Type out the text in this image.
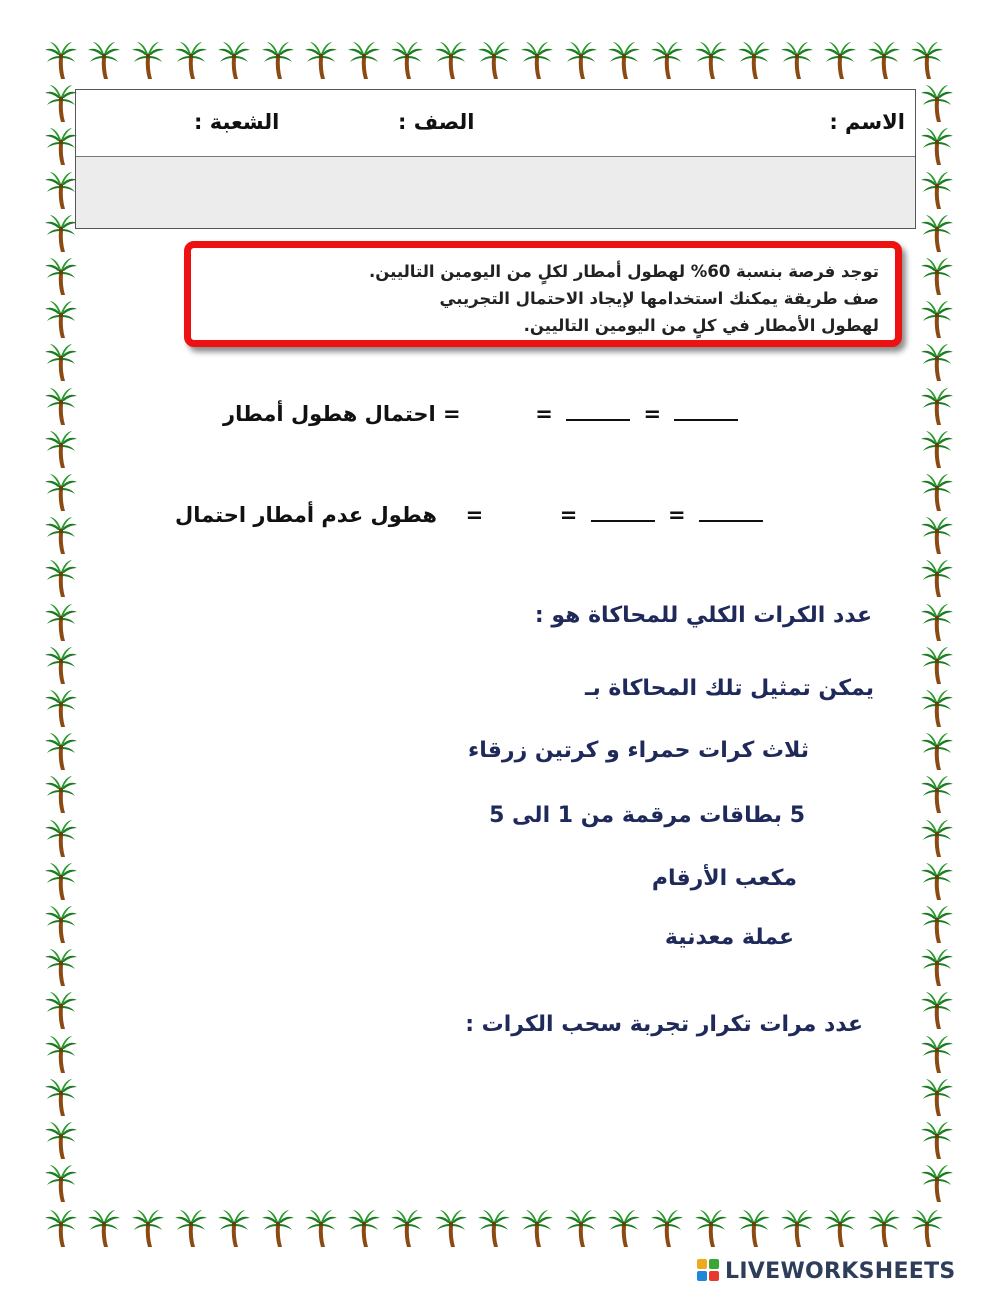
الاسم :
الصف :
الشعبة :
توجد فرصة بنسبة 60% لهطول أمطار لكلٍ من اليومين التاليين.
صف طريقة يمكنك استخدامها لإيجاد الاحتمال التجريبي
لهطول الأمطار في كلٍ من اليومين التاليين.
= احتمال هطول أمطار	=	=
هطول عدم أمطار احتمال =	=	=
عدد الكرات الكلي للمحاكاة هو :
يمكن تمثيل تلك المحاكاة بـ
ثلاث كرات حمراء و كرتين زرقاء
5 بطاقات مرقمة من 1 الى 5
مكعب الأرقام
عملة معدنية
عدد مرات تكرار تجربة سحب الكرات :
LIVEWORKSHEETS
